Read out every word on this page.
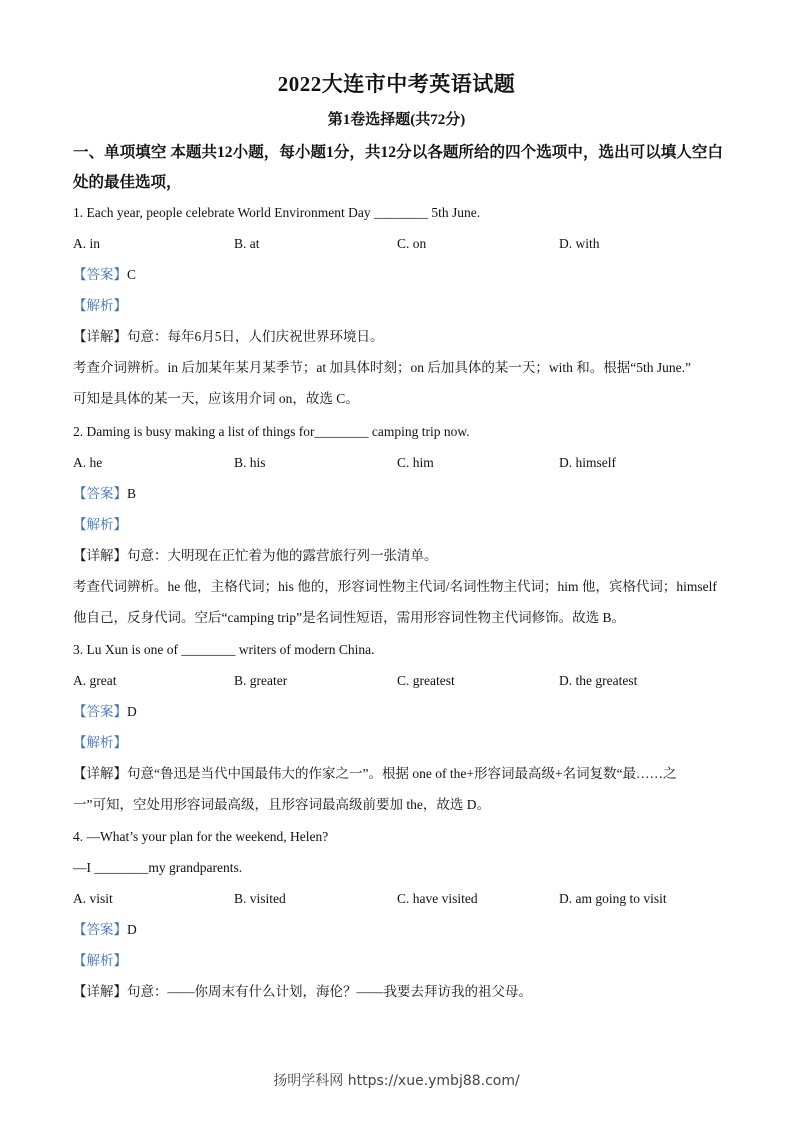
2022大连市中考英语试题
第1卷选择题(共72分)
一、单项填空 本题共12小题，每小题1分，共12分以各题所给的四个选项中，选出可以填人空白处的最佳选项，
1. Each year, people celebrate World Environment Day ________ 5th June.
A. in	B. at	C. on	D. with
【答案】C
【解析】
【详解】句意：每年6月5日，人们庆祝世界环境日。
考查介词辨析。in 后加某年某月某季节；at 加具体时刻；on 后加具体的某一天；with 和。根据“5th June.”
可知是具体的某一天，应该用介词 on，故选 C。
2. Daming is busy making a list of things for________ camping trip now.
A. he	B. his	C. him	D. himself
【答案】B
【解析】
【详解】句意：大明现在正忙着为他的露营旅行列一张清单。
考查代词辨析。he 他，主格代词；his 他的，形容词性物主代词/名词性物主代词；him 他，宾格代词；himself
他自己，反身代词。空后“camping trip”是名词性短语，需用形容词性物主代词修饰。故选 B。
3. Lu Xun is one of ________ writers of modern China.
A. great	B. greater	C. greatest	D. the greatest
【答案】D
【解析】
【详解】句意“鲁迅是当代中国最伟大的作家之一”。根据 one of the+形容词最高级+名词复数“最……之
一”可知，空处用形容词最高级，且形容词最高级前要加 the，故选 D。
4. —What’s your plan for the weekend, Helen?
—I ________my grandparents.
A. visit	B. visited	C. have visited	D. am going to visit
【答案】D
【解析】
【详解】句意：——你周末有什么计划，海伦？——我要去拜访我的祖父母。
扬明学科网 https://xue.ymbj88.com/
